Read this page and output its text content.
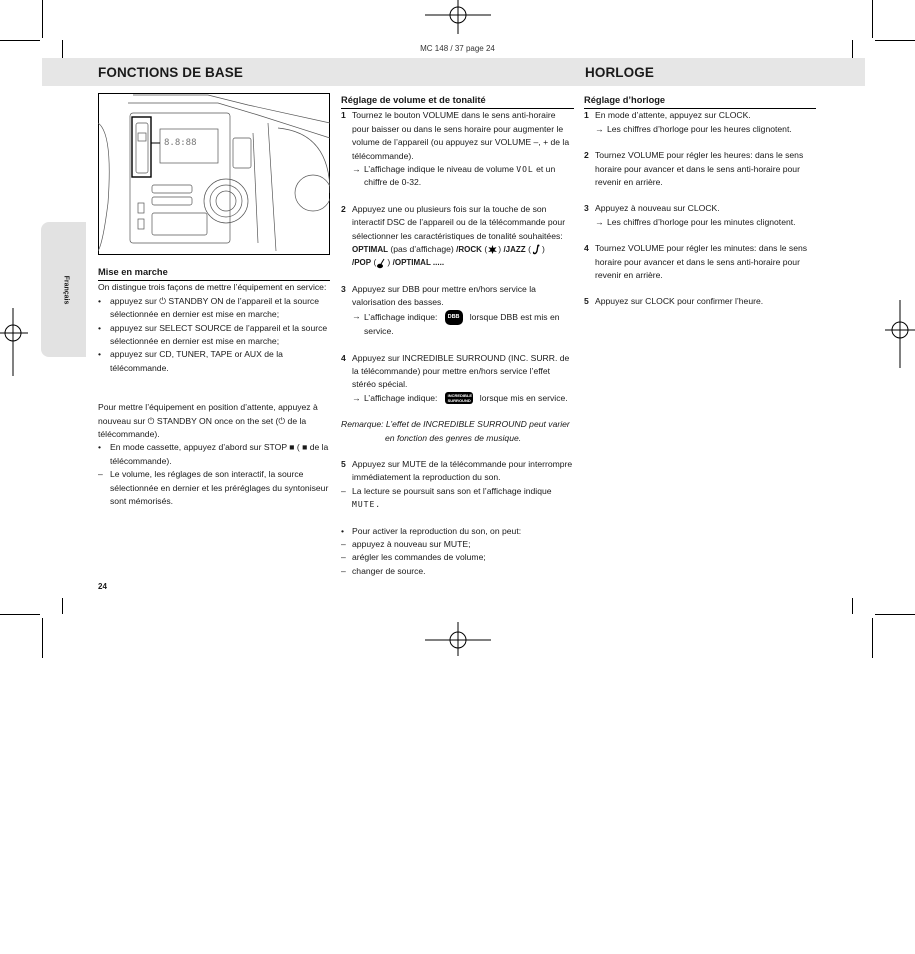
MC 148 / 37 page 24
FONCTIONS DE BASE	HORLOGE
Français
8.8:88
Mise en marche
On distingue trois façons de mettre l’équipement en service:
•	appuyez sur ⏻ STANDBY ON de l’appareil et la source sélectionnée en dernier est mise en marche;
•	appuyez sur SELECT SOURCE de l’appareil et la source sélectionnée en dernier est mise en marche;
•	appuyez sur CD, TUNER, TAPE or AUX de la télécommande.
Pour mettre l’équipement en position d’attente, appuyez à nouveau sur ⏻ STANDBY ON once on the set (⏻ de la télécommande).
•	En mode cassette, appuyez d’abord sur STOP ■ ( ■ de la télécommande).
– Le volume, les réglages de son interactif, la source sélectionnée en dernier et les préréglages du syntoniseur sont mémorisés.
24
Réglage de volume et de tonalité
1 Tournez le bouton VOLUME dans le sens anti-horaire pour baisser ou dans le sens horaire pour augmenter le volume de l’appareil (ou appuyez sur VOLUME –, + de la télécommande).
→ L’affichage indique le niveau de volume VOL et un chiffre de 0-32.
2 Appuyez une ou plusieurs fois sur la touche de son interactif DSC de l’appareil ou de la télécommande pour sélectionner les caractéristiques de tonalité souhaitées:
OPTIMAL (pas d’affichage) /ROCK ( ) /JAZZ ( )
/POP ( ) /OPTIMAL .....
3 Appuyez sur DBB pour mettre en/hors service la valorisation des basses.
→ L’affichage indique: DBB lorsque DBB est mis en service.
4 Appuyez sur INCREDIBLE SURROUND (INC. SURR. de la télécommande) pour mettre en/hors service l’effet stéréo spécial.
→ L’affichage indique:	INCREDIBLE SURROUND lorsque mis en service.
Remarque: L’effet de INCREDIBLE SURROUND peut varier
en fonction des genres de musique.
5 Appuyez sur MUTE de la télécommande pour interrompre immédiatement la reproduction du son.
– La lecture se poursuit sans son et l’affichage indique
MUTE.
• Pour activer la reproduction du son, on peut:
– appuyez à nouveau sur MUTE;
– arégler les commandes de volume;
– changer de source.
Réglage d’horloge
1 En mode d’attente, appuyez sur CLOCK.
→ Les chiffres d’horloge pour les heures clignotent.
2 Tournez VOLUME pour régler les heures: dans le sens horaire pour avancer et dans le sens anti-horaire pour revenir en arrière.
3 Appuyez à nouveau sur CLOCK.
→ Les chiffres d’horloge pour les minutes clignotent.
4 Tournez VOLUME pour régler les minutes: dans le sens horaire pour avancer et dans le sens anti-horaire pour revenir en arrière.
5 Appuyez sur CLOCK pour confirmer l’heure.
